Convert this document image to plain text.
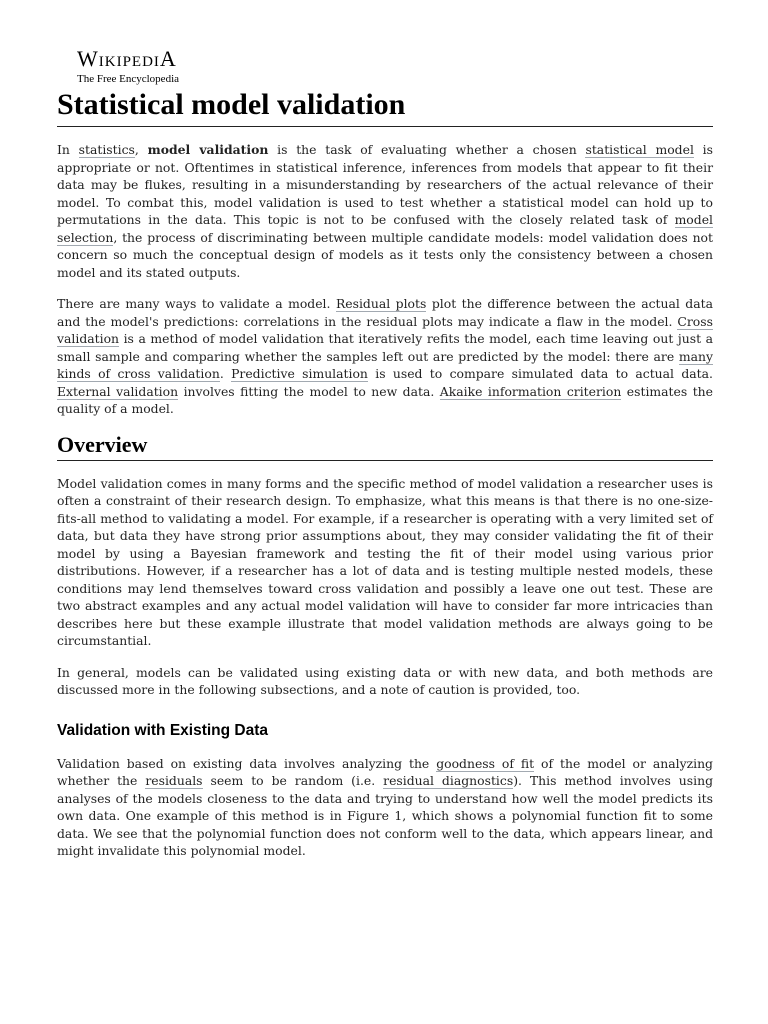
WIKIPEDIA
The Free Encyclopedia
Statistical model validation

In statistics, model validation is the task of evaluating whether a chosen statistical model is appropriate or not. Oftentimes in statistical inference, inferences from models that appear to fit their data may be flukes, resulting in a misunderstanding by researchers of the actual relevance of their model. To combat this, model validation is used to test whether a statistical model can hold up to permutations in the data. This topic is not to be confused with the closely related task of model selection, the process of discriminating between multiple candidate models: model validation does not concern so much the conceptual design of models as it tests only the consistency between a chosen model and its stated outputs.

There are many ways to validate a model. Residual plots plot the difference between the actual data and the model's predictions: correlations in the residual plots may indicate a flaw in the model. Cross validation is a method of model validation that iteratively refits the model, each time leaving out just a small sample and comparing whether the samples left out are predicted by the model: there are many kinds of cross validation. Predictive simulation is used to compare simulated data to actual data. External validation involves fitting the model to new data. Akaike information criterion estimates the quality of a model.

Overview

Model validation comes in many forms and the specific method of model validation a researcher uses is often a constraint of their research design. To emphasize, what this means is that there is no one-size-fits-all method to validating a model. For example, if a researcher is operating with a very limited set of data, but data they have strong prior assumptions about, they may consider validating the fit of their model by using a Bayesian framework and testing the fit of their model using various prior distributions. However, if a researcher has a lot of data and is testing multiple nested models, these conditions may lend themselves toward cross validation and possibly a leave one out test. These are two abstract examples and any actual model validation will have to consider far more intricacies than describes here but these example illustrate that model validation methods are always going to be circumstantial.

In general, models can be validated using existing data or with new data, and both methods are discussed more in the following subsections, and a note of caution is provided, too.

Validation with Existing Data

Validation based on existing data involves analyzing the goodness of fit of the model or analyzing whether the residuals seem to be random (i.e. residual diagnostics). This method involves using analyses of the models closeness to the data and trying to understand how well the model predicts its own data. One example of this method is in Figure 1, which shows a polynomial function fit to some data. We see that the polynomial function does not conform well to the data, which appears linear, and might invalidate this polynomial model.
